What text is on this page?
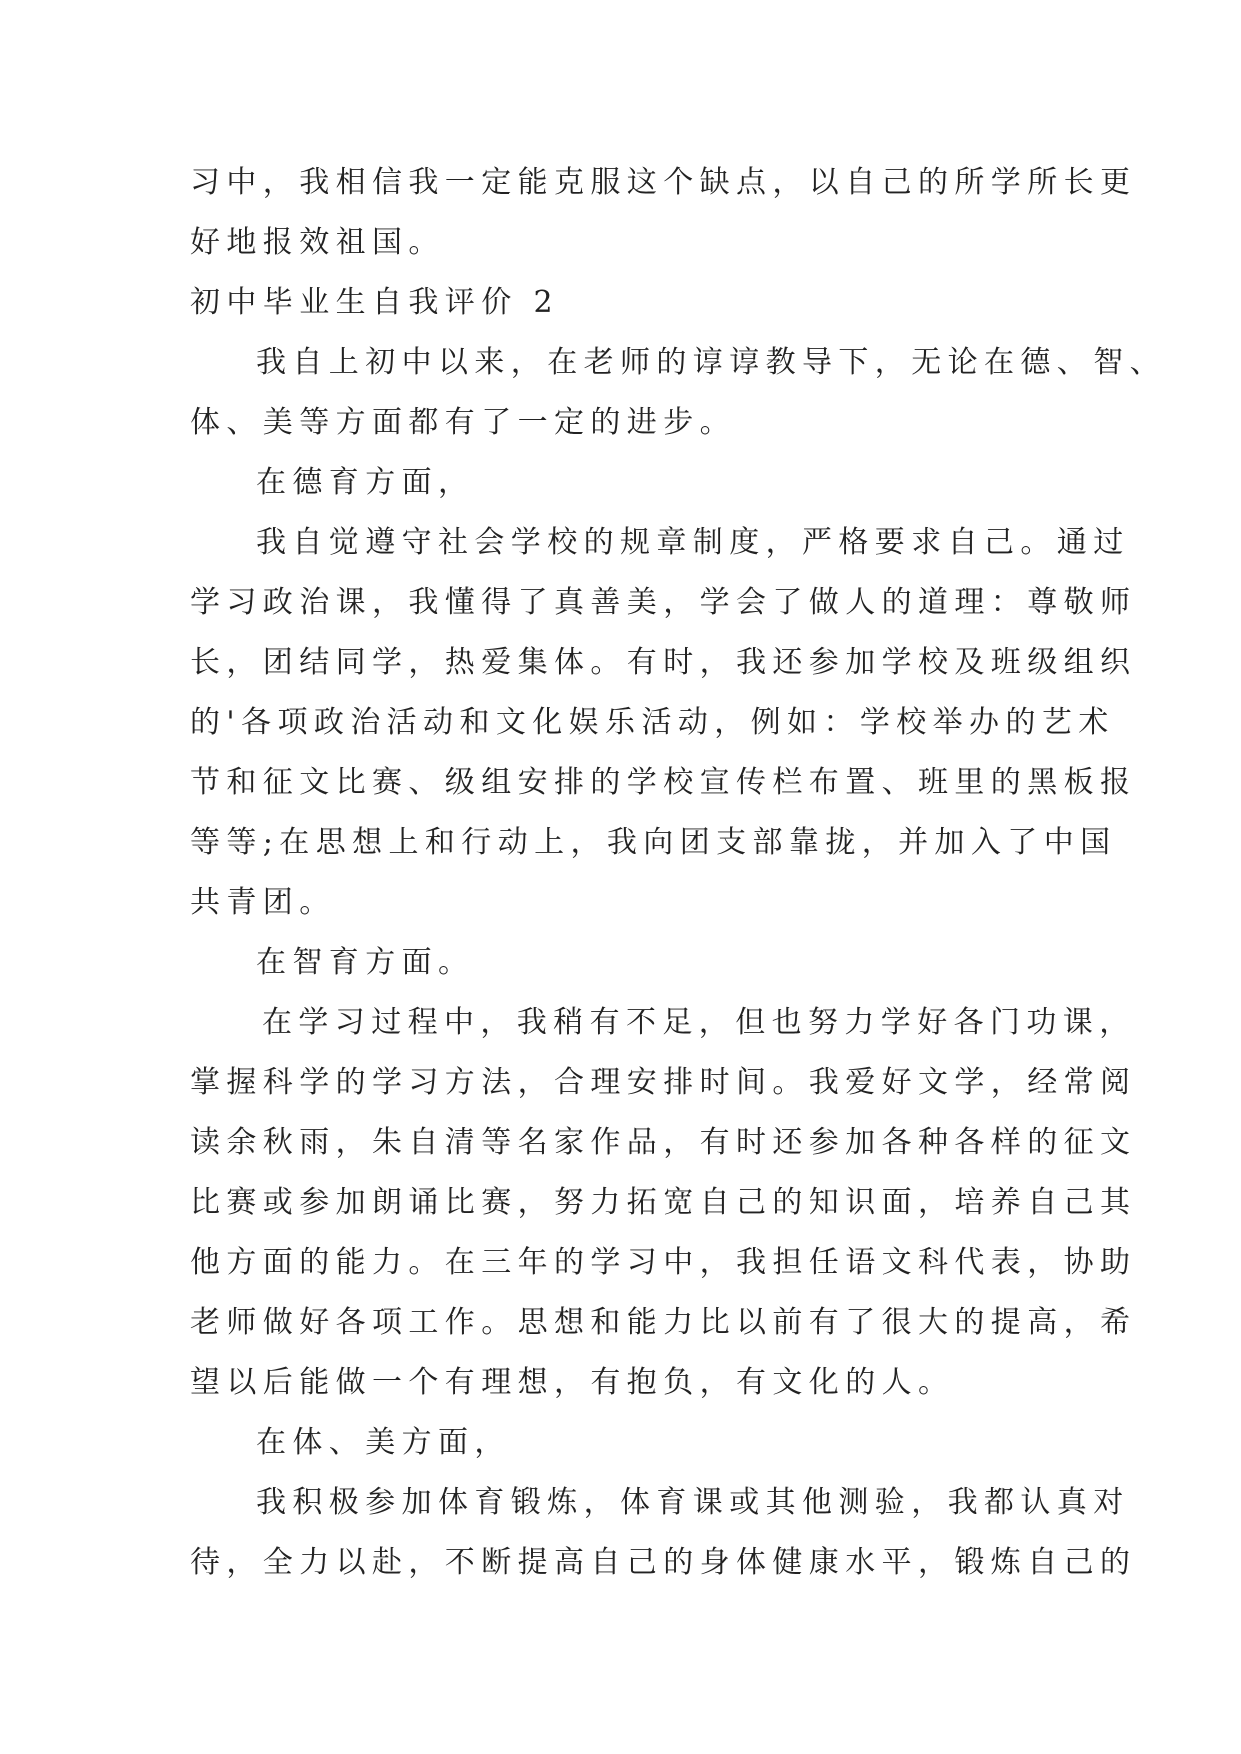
习中，我相信我一定能克服这个缺点，以自己的所学所长更
好地报效祖国。
初中毕业生自我评价 2
我自上初中以来，在老师的谆谆教导下，无论在德、智、
体、美等方面都有了一定的进步。
在德育方面，
我自觉遵守社会学校的规章制度，严格要求自己。通过
学习政治课，我懂得了真善美，学会了做人的道理：尊敬师
长，团结同学，热爱集体。有时，我还参加学校及班级组织
的'各项政治活动和文化娱乐活动，例如：学校举办的艺术
节和征文比赛、级组安排的学校宣传栏布置、班里的黑板报
等等;在思想上和行动上，我向团支部靠拢，并加入了中国
共青团。
在智育方面。
在学习过程中，我稍有不足，但也努力学好各门功课，
掌握科学的学习方法，合理安排时间。我爱好文学，经常阅
读余秋雨，朱自清等名家作品，有时还参加各种各样的征文
比赛或参加朗诵比赛，努力拓宽自己的知识面，培养自己其
他方面的能力。在三年的学习中，我担任语文科代表，协助
老师做好各项工作。思想和能力比以前有了很大的提高，希
望以后能做一个有理想，有抱负，有文化的人。
在体、美方面，
我积极参加体育锻炼，体育课或其他测验，我都认真对
待，全力以赴，不断提高自己的身体健康水平，锻炼自己的
